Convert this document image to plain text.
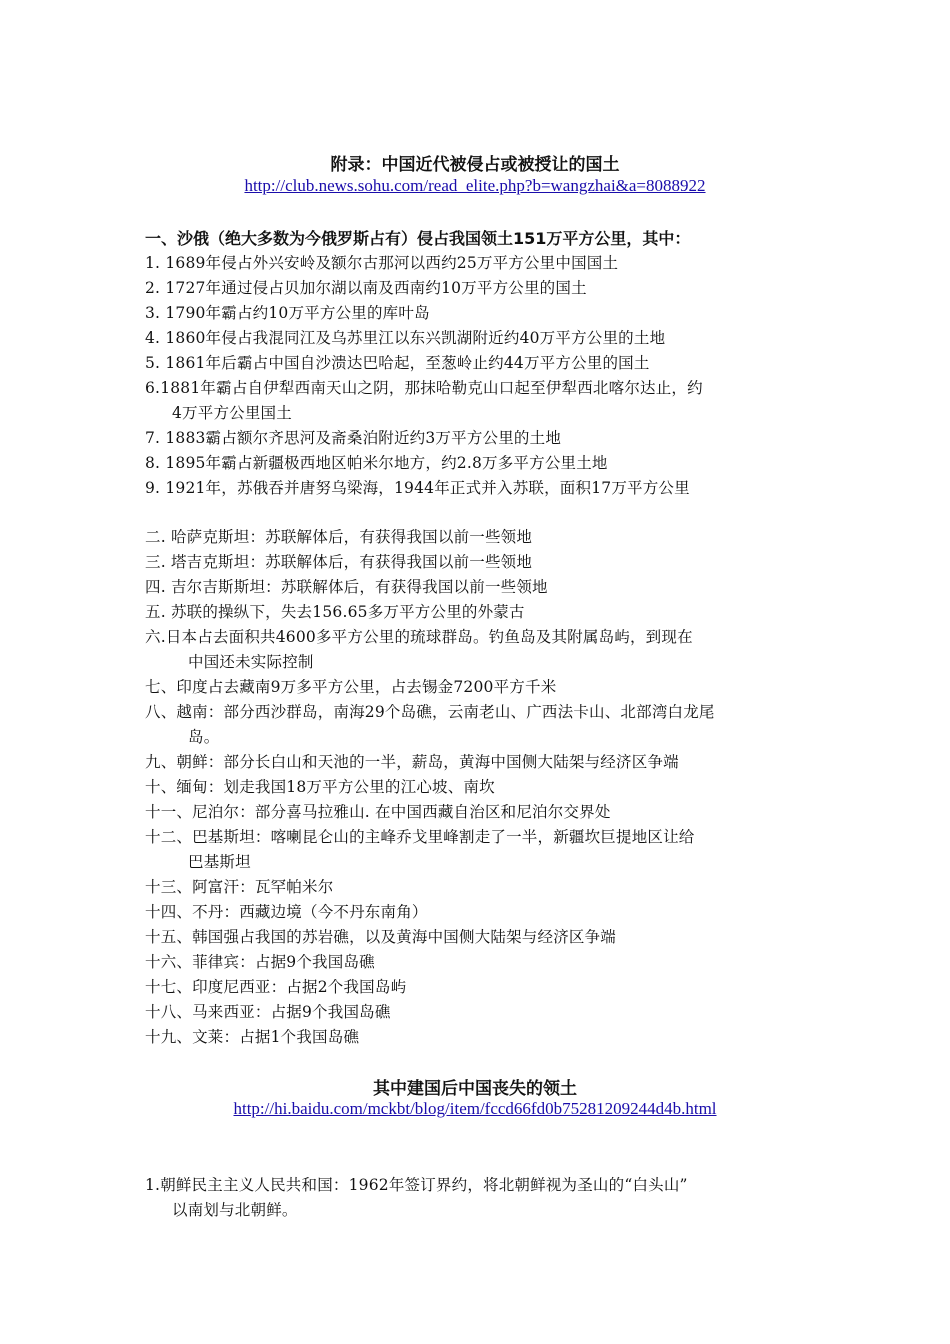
附录：中国近代被侵占或被授让的国土
http://club.news.sohu.com/read_elite.php?b=wangzhai&a=8088922
一、沙俄（绝大多数为今俄罗斯占有）侵占我国领土151万平方公里，其中：
1. 1689年侵占外兴安岭及额尔古那河以西约25万平方公里中国国土
2. 1727年通过侵占贝加尔湖以南及西南约10万平方公里的国土
3. 1790年霸占约10万平方公里的库叶岛
4. 1860年侵占我混同江及乌苏里江以东兴凯湖附近约40万平方公里的土地
5. 1861年后霸占中国自沙溃达巴哈起，至葱岭止约44万平方公里的国土
6.1881年霸占自伊犁西南天山之阴，那抹哈勒克山口起至伊犁西北喀尔达止，约
4万平方公里国土
7. 1883霸占额尔齐思河及斋桑泊附近约3万平方公里的土地
8. 1895年霸占新疆极西地区帕米尔地方，约2.8万多平方公里土地
9. 1921年，苏俄吞并唐努乌梁海，1944年正式并入苏联，面积17万平方公里
二. 哈萨克斯坦：苏联解体后，有获得我国以前一些领地
三. 塔吉克斯坦：苏联解体后，有获得我国以前一些领地
四. 吉尔吉斯斯坦：苏联解体后，有获得我国以前一些领地
五. 苏联的操纵下，失去156.65多万平方公里的外蒙古
六.日本占去面积共4600多平方公里的琉球群岛。钓鱼岛及其附属岛屿，到现在
中国还未实际控制
七、印度占去藏南9万多平方公里，占去锡金7200平方千米
八、越南：部分西沙群岛，南海29个岛礁，云南老山、广西法卡山、北部湾白龙尾
岛。
九、朝鲜：部分长白山和天池的一半，薪岛，黄海中国侧大陆架与经济区争端
十、缅甸：划走我国18万平方公里的江心坡、南坎
十一、尼泊尔：部分喜马拉雅山. 在中国西藏自治区和尼泊尔交界处
十二、巴基斯坦：喀喇昆仑山的主峰乔戈里峰割走了一半，新疆坎巨提地区让给
巴基斯坦
十三、阿富汗：瓦罕帕米尔
十四、不丹：西藏边境（今不丹东南角）
十五、韩国强占我国的苏岩礁，以及黄海中国侧大陆架与经济区争端
十六、菲律宾：占据9个我国岛礁
十七、印度尼西亚：占据2个我国岛屿
十八、马来西亚：占据9个我国岛礁
十九、文莱：占据1个我国岛礁
其中建国后中国丧失的领土
http://hi.baidu.com/mckbt/blog/item/fccd66fd0b75281209244d4b.html
1.朝鲜民主主义人民共和国：1962年签订界约，将北朝鲜视为圣山的“白头山”
以南划与北朝鲜。
